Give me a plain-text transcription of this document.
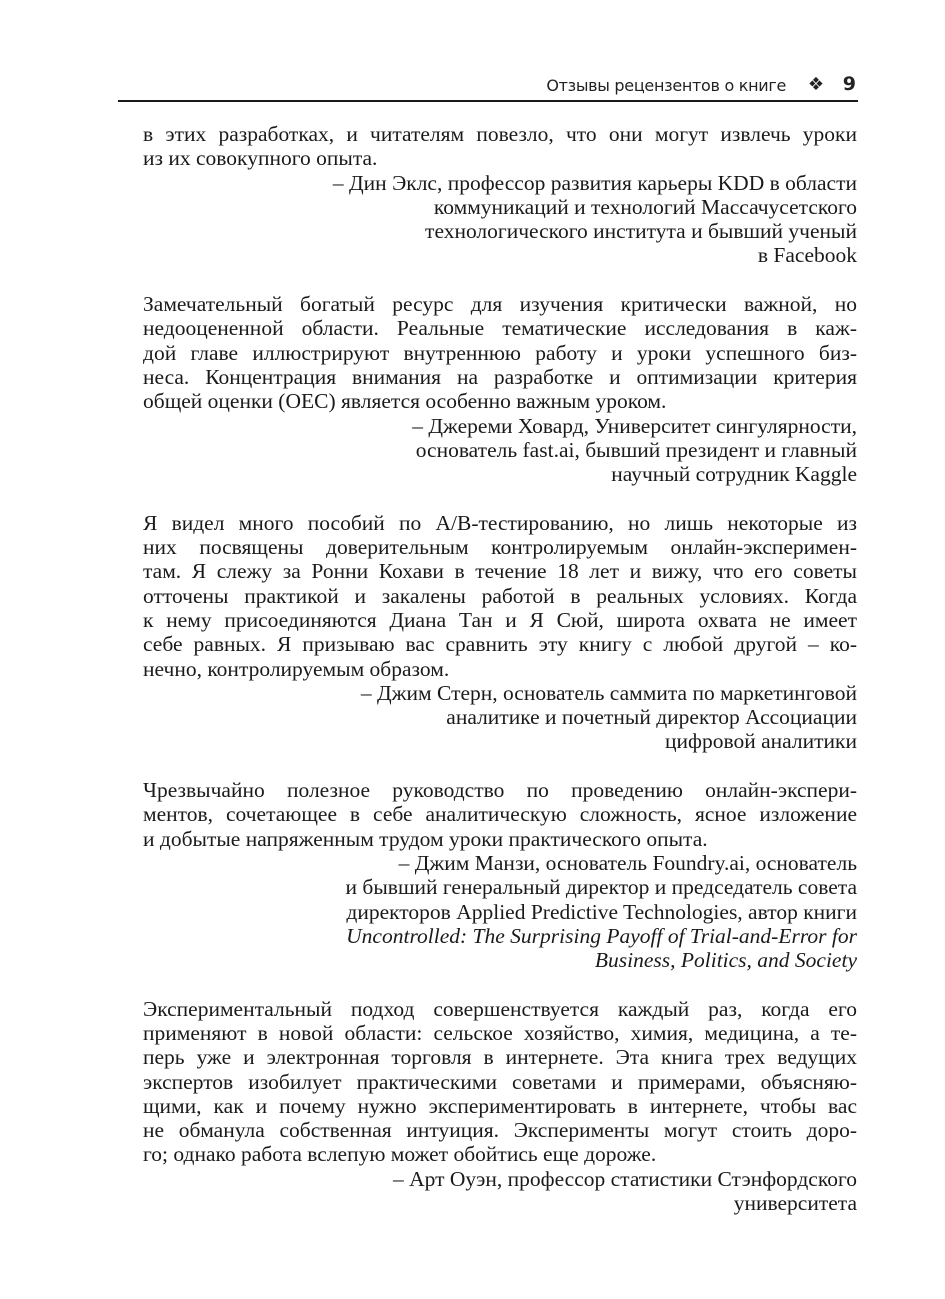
Отзывы рецензентов о книге ❖ 9
в этих разработках, и читателям повезло, что они могут извлечь уроки
из их совокупного опыта.
– Дин Эклс, профессор развития карьеры KDD в области
коммуникаций и технологий Массачусетского
технологического института и бывший ученый
в Facebook
Замечательный богатый ресурс для изучения критически важной, но
недооцененной области. Реальные тематические исследования в каж-
дой главе иллюстрируют внутреннюю работу и уроки успешного биз-
неса. Концентрация внимания на разработке и оптимизации критерия
общей оценки (OEC) является особенно важным уроком.
– Джереми Ховард, Университет сингулярности,
основатель fast.ai, бывший президент и главный
научный сотрудник Kaggle
Я видел много пособий по A/B-тестированию, но лишь некоторые из
них посвящены доверительным контролируемым онлайн-эксперимен-
там. Я слежу за Ронни Кохави в течение 18 лет и вижу, что его советы
отточены практикой и закалены работой в реальных условиях. Когда
к нему присоединяются Диана Тан и Я Сюй, широта охвата не имеет
себе равных. Я призываю вас сравнить эту книгу с любой другой – ко-
нечно, контролируемым образом.
– Джим Стерн, основатель саммита по маркетинговой
аналитике и почетный директор Ассоциации
цифровой аналитики
Чрезвычайно полезное руководство по проведению онлайн-экспери-
ментов, сочетающее в себе аналитическую сложность, ясное изложение
и добытые напряженным трудом уроки практического опыта.
– Джим Манзи, основатель Foundry.ai, основатель
и бывший генеральный директор и председатель совета
директоров Applied Predictive Technologies, автор книги
Uncontrolled: The Surprising Payoff of Trial-and-Error for
Business, Politics, and Society
Экспериментальный подход совершенствуется каждый раз, когда его
применяют в новой области: сельское хозяйство, химия, медицина, а те-
перь уже и электронная торговля в интернете. Эта книга трех ведущих
экспертов изобилует практическими советами и примерами, объясняю-
щими, как и почему нужно экспериментировать в интернете, чтобы вас
не обманула собственная интуиция. Эксперименты могут стоить доро-
го; однако работа вслепую может обойтись еще дороже.
– Арт Оуэн, профессор статистики Стэнфордского
университета
